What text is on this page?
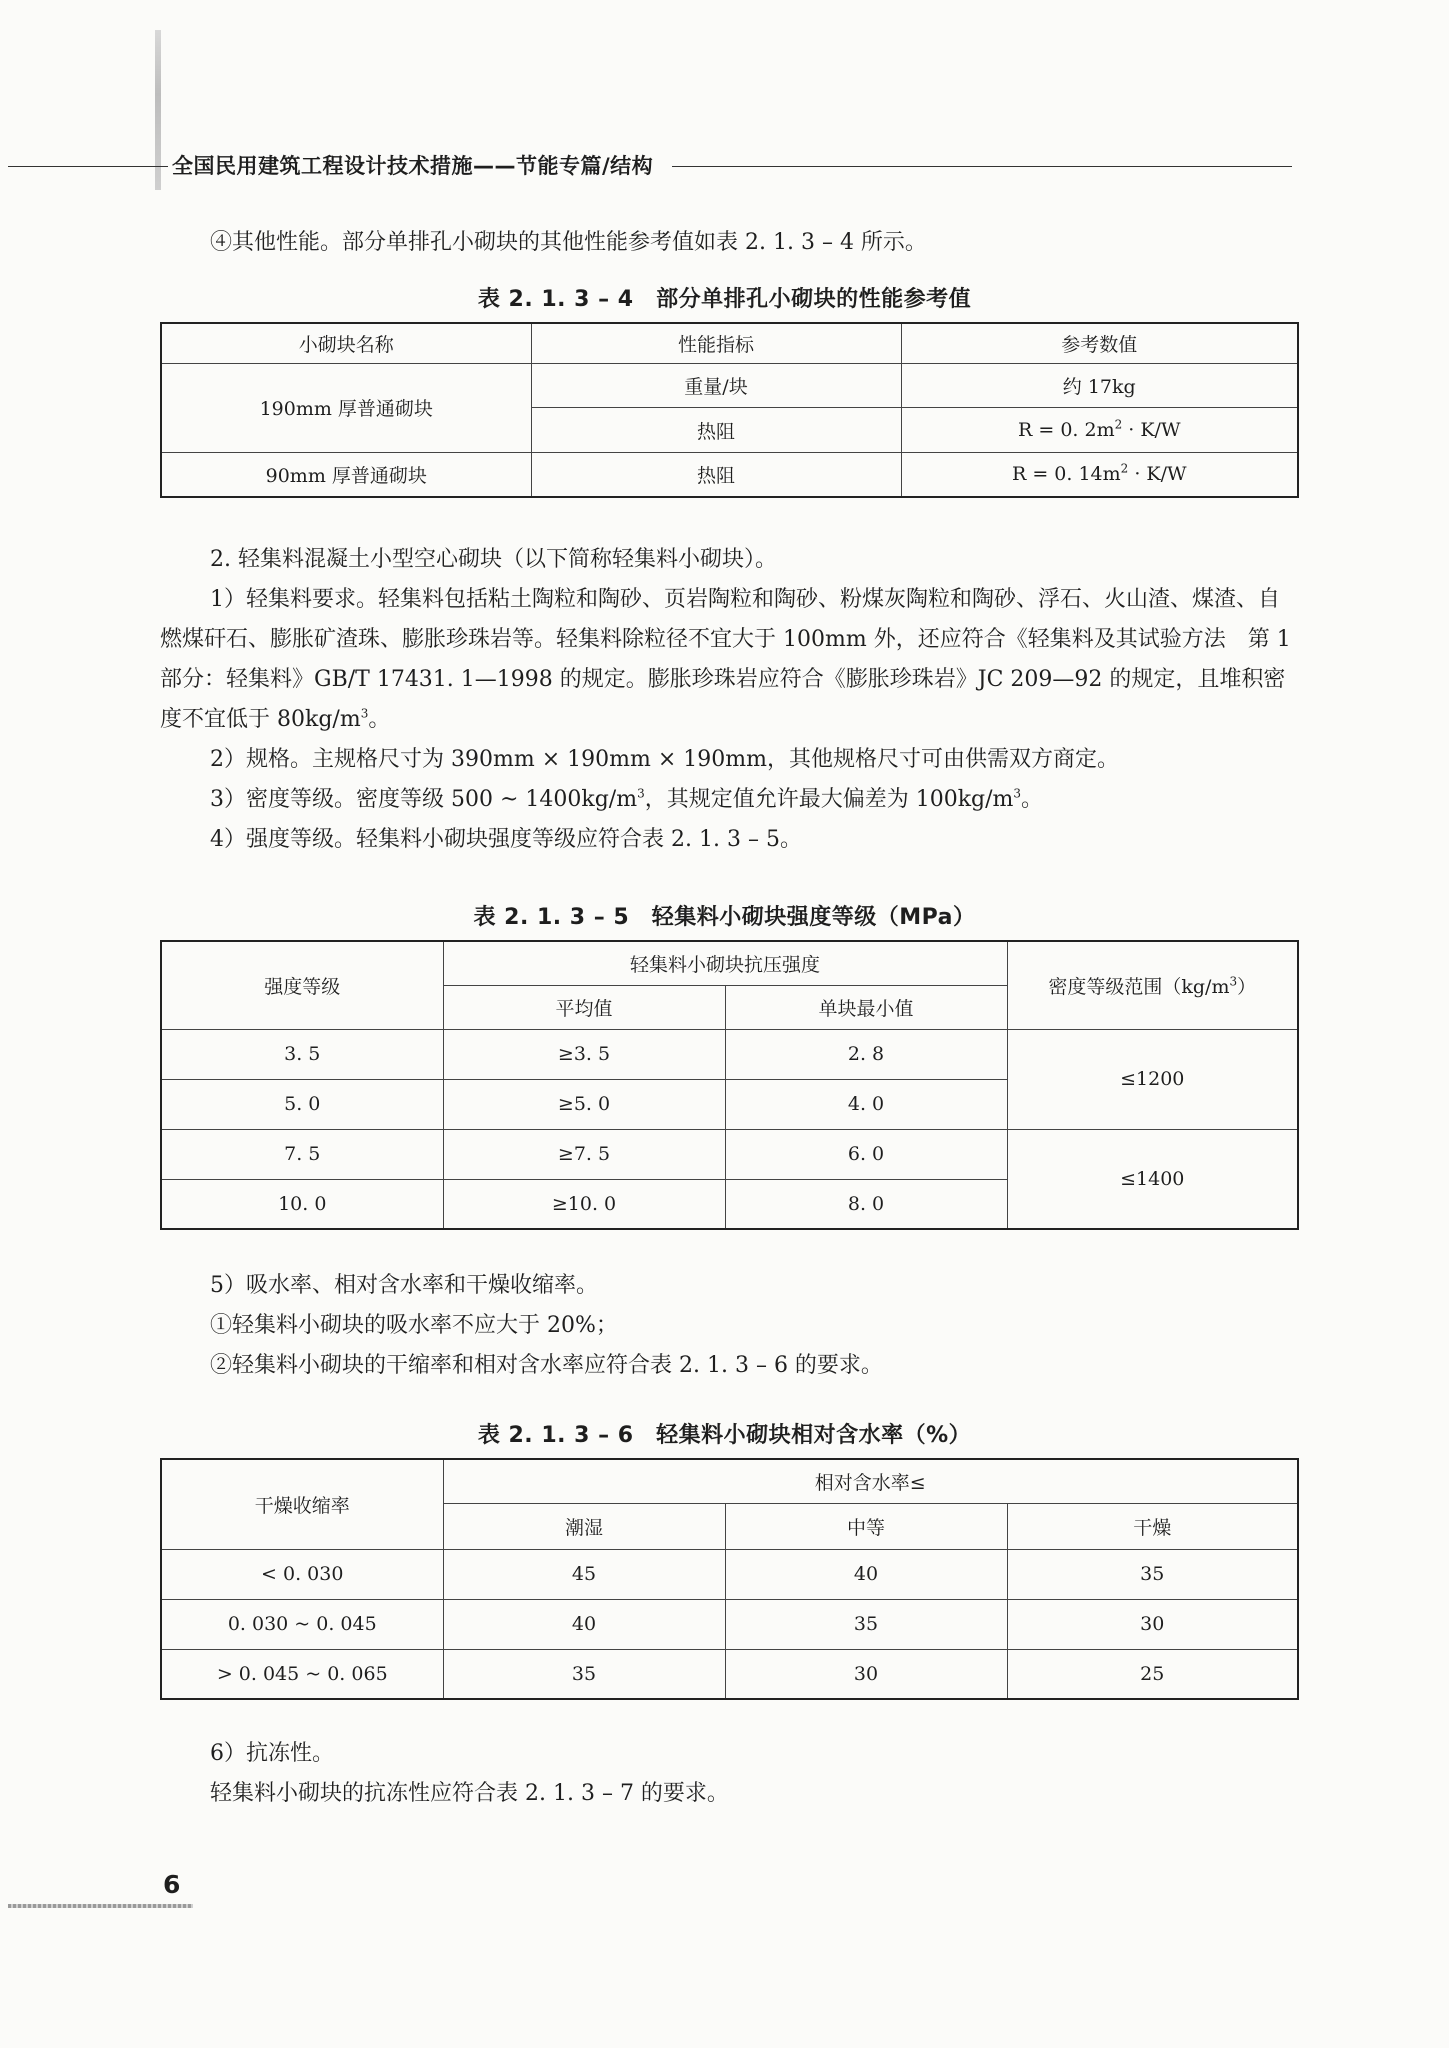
全国民用建筑工程设计技术措施——节能专篇/结构
④其他性能。部分单排孔小砌块的其他性能参考值如表 2. 1. 3 – 4 所示。
表 2. 1. 3 – 4　部分单排孔小砌块的性能参考值
小砌块名称	性能指标	参考数值
190mm 厚普通砌块	重量/块	约 17kg
	热阻	R = 0. $2m^2 \cdot K/W$
90mm 厚普通砌块	热阻	R = 0. $14m^2 \cdot K/W$

2. 轻集料混凝土小型空心砌块（以下简称轻集料小砌块）。

1）轻集料要求。轻集料包括粘土陶粒和陶砂、页岩陶粒和陶砂、粉煤灰陶粒和陶砂、浮石、火山渣、煤渣、自燃煤矸石、膨胀矿渣珠、膨胀珍珠岩等。轻集料除粒径不宜大于 100mm 外，还应符合《轻集料及其试验方法　第 1 部分：轻集料》GB/T 17431. 1—1998 的规定。膨胀珍珠岩应符合《膨胀珍珠岩》JC 209—92 的规定，且堆积密度不宜低于 $80kg/m^3$。

2）规格。主规格尺寸为 390mm × 190mm × 190mm，其他规格尺寸可由供需双方商定。

3）密度等级。密度等级 500 ~ $1400kg/m^3$，其规定值允许最大偏差为 $100kg/m^3$。

4）强度等级。轻集料小砌块强度等级应符合表 2. 1. 3 – 5。

表 2. 1. 3 – 5　轻集料小砌块强度等级（MPa）
强度等级	轻集料小砌块抗压强度		密度等级范围$(kg/m^3)$
	平均值	单块最小值	
3. 5	≥3. 5	2. 8	≤1200
5. 0	≥5. 0	4. 0	
7. 5	≥7. 5	6. 0	≤1400
10. 0	≥10. 0	8. 0	

5）吸水率、相对含水率和干燥收缩率。

①轻集料小砌块的吸水率不应大于 20%；

②轻集料小砌块的干缩率和相对含水率应符合表 2. 1. 3 – 6 的要求。

表 2. 1. 3 – 6　轻集料小砌块相对含水率（%）
干燥收缩率	相对含水率≤		
	潮湿	中等	干燥
< 0. 030	45	40	35
0. 030 ~ 0. 045	40	35	30
> 0. 045 ~ 0. 065	35	30	25

6）抗冻性。

轻集料小砌块的抗冻性应符合表 2. 1. 3 – 7 的要求。

6
